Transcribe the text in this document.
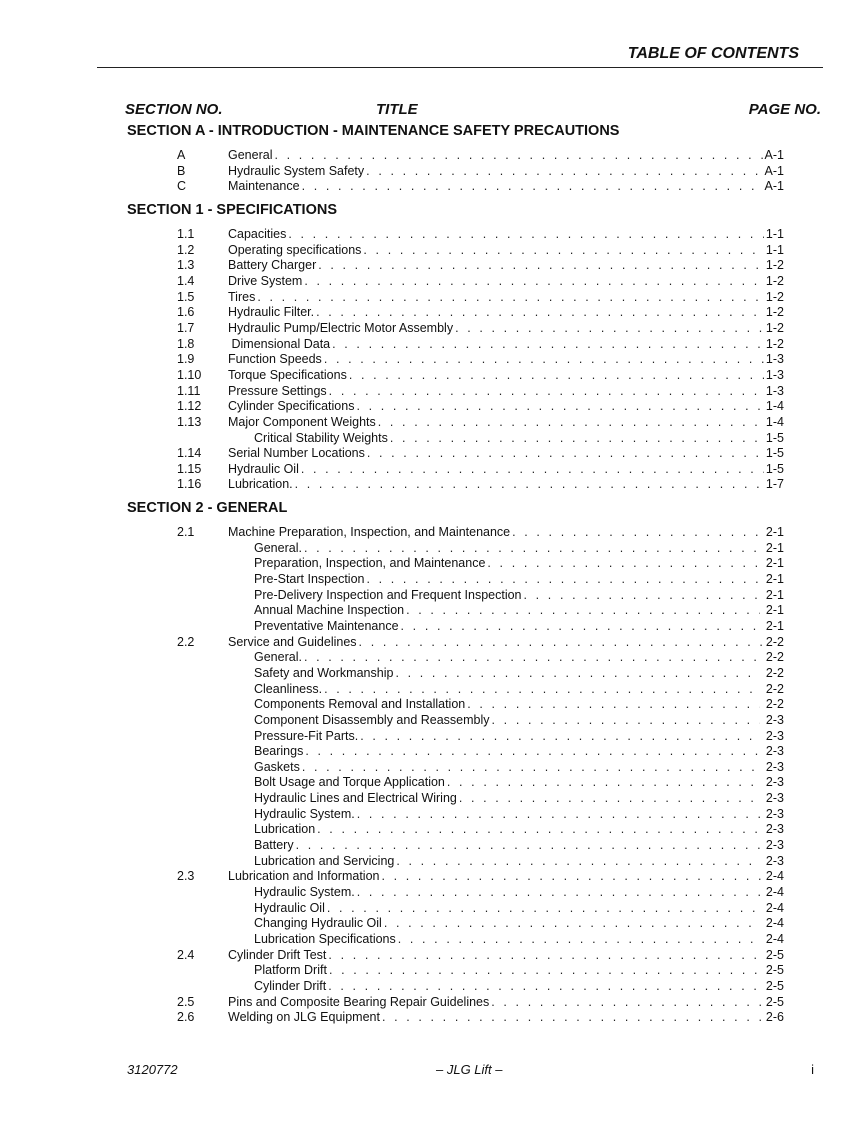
TABLE OF CONTENTS
SECTION NO.	TITLE	PAGE NO.
SECTION A - INTRODUCTION - MAINTENANCE SAFETY PRECAUTIONS
A	General . . .	A-1
B	Hydraulic System Safety . . .	A-1
C	Maintenance . . .	A-1
SECTION 1 - SPECIFICATIONS
1.1	Capacities . . .	1-1
1.2	Operating specifications . . .	1-1
1.3	Battery Charger . . .	1-2
1.4	Drive System . . .	1-2
1.5	Tires . . .	1-2
1.6	Hydraulic Filter. . . .	1-2
1.7	Hydraulic Pump/Electric Motor Assembly . . .	1-2
1.8	Dimensional Data . . .	1-2
1.9	Function Speeds . . .	1-3
1.10 Torque Specifications . . .	1-3
1.11 Pressure Settings . . .	1-3
1.12 Cylinder Specifications . . .	1-4
1.13 Major Component Weights . . .	1-4
Critical Stability Weights . . .	1-5
1.14 Serial Number Locations . . .	1-5
1.15 Hydraulic Oil . . .	1-5
1.16 Lubrication. . . .	1-7
SECTION 2 - GENERAL
2.1	Machine Preparation, Inspection, and Maintenance . . .	2-1
General. . . .	2-1
Preparation, Inspection, and Maintenance . . .	2-1
Pre-Start Inspection . . .	2-1
Pre-Delivery Inspection and Frequent Inspection . . .	2-1
Annual Machine Inspection . . .	2-1
Preventative Maintenance . . .	2-1
2.2	Service and Guidelines . . .	2-2
General. . . .	2-2
Safety and Workmanship . . .	2-2
Cleanliness. . . .	2-2
Components Removal and Installation . . .	2-2
Component Disassembly and Reassembly . . .	2-3
Pressure-Fit Parts. . . .	2-3
Bearings . . .	2-3
Gaskets . . .	2-3
Bolt Usage and Torque Application . . .	2-3
Hydraulic Lines and Electrical Wiring . . .	2-3
Hydraulic System. . . .	2-3
Lubrication . . .	2-3
Battery . . .	2-3
Lubrication and Servicing . . .	2-3
2.3	Lubrication and Information . . .	2-4
Hydraulic System. . . .	2-4
Hydraulic Oil . . .	2-4
Changing Hydraulic Oil . . .	2-4
Lubrication Specifications . . .	2-4
2.4	Cylinder Drift Test . . .	2-5
Platform Drift . . .	2-5
Cylinder Drift . . .	2-5
2.5	Pins and Composite Bearing Repair Guidelines . . .	2-5
2.6	Welding on JLG Equipment . . .	2-6
3120772	– JLG Lift –	i
